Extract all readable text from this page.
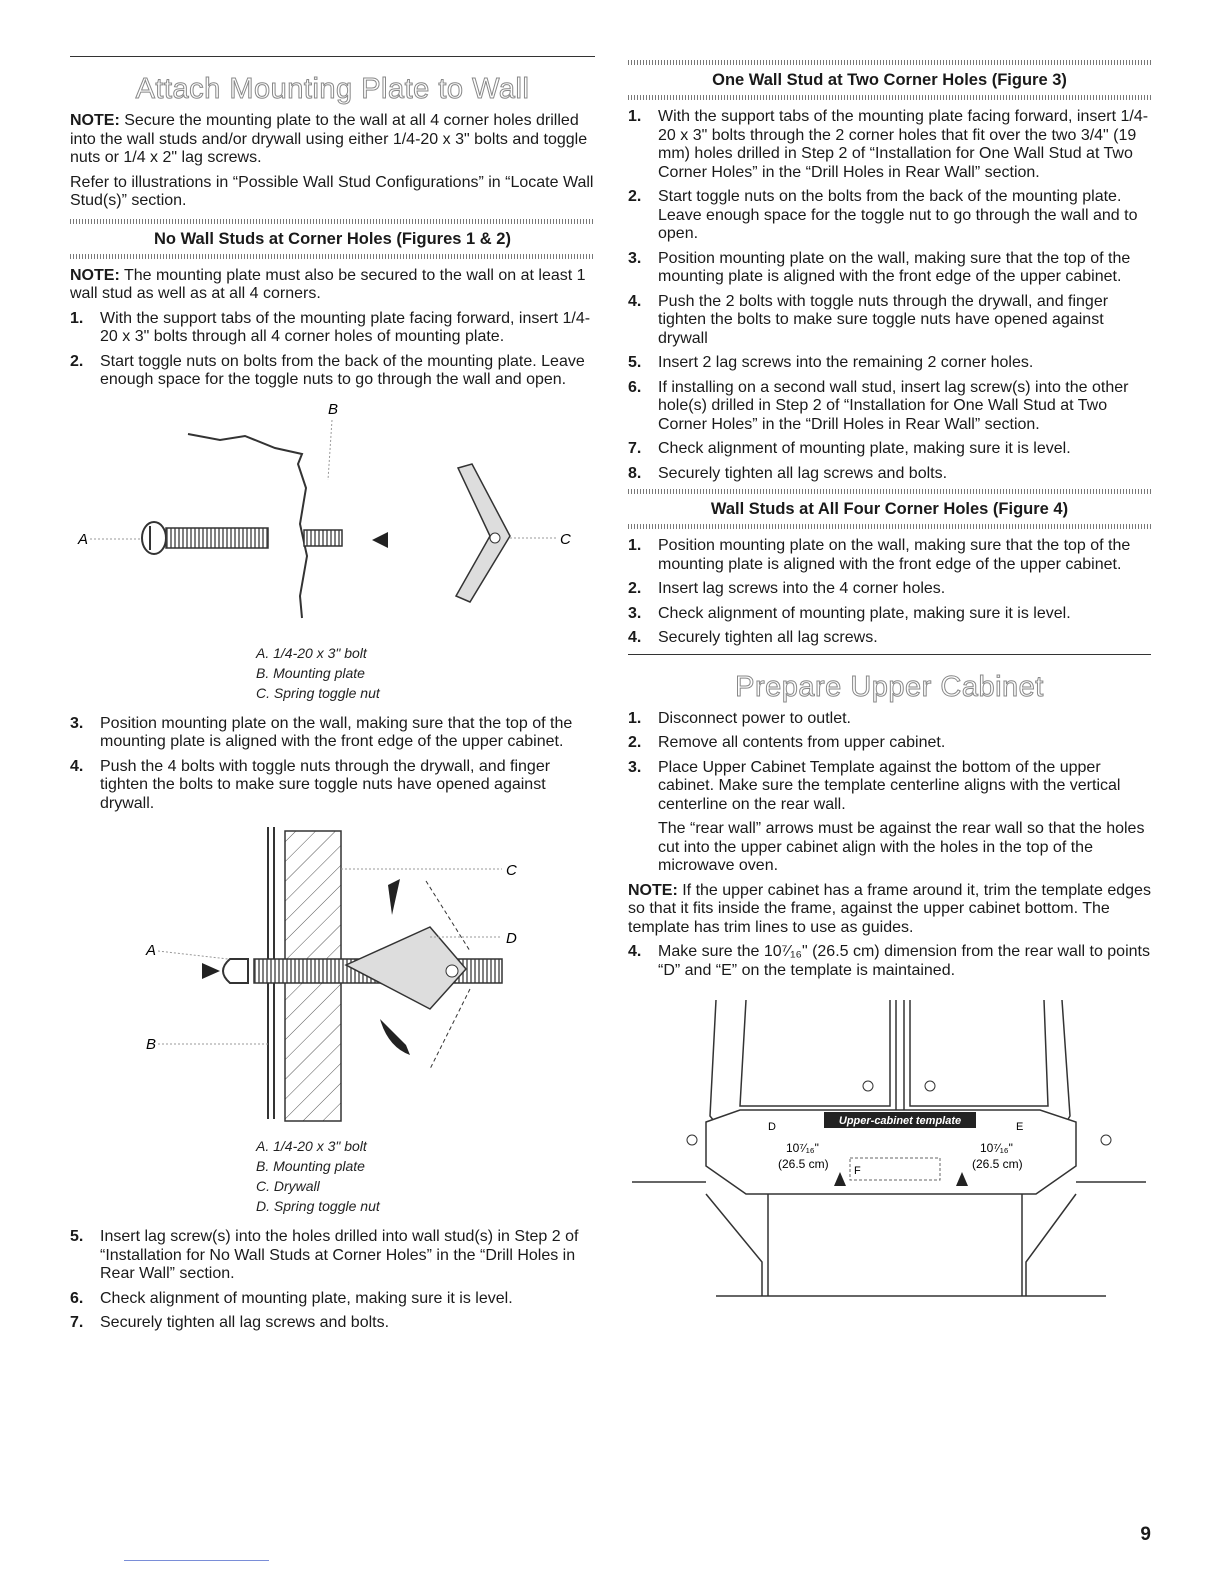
Attach Mounting Plate to Wall

NOTE: Secure the mounting plate to the wall at all 4 corner holes drilled into the wall studs and/or drywall using either 1/4-20 x 3" bolts and toggle nuts or 1/4 x 2" lag screws.

Refer to illustrations in “Possible Wall Stud Configurations” in “Locate Wall Stud(s)” section.

No Wall Studs at Corner Holes (Figures 1 & 2)

NOTE: The mounting plate must also be secured to the wall on at least 1 wall stud as well as at all 4 corners.

1. With the support tabs of the mounting plate facing forward, insert 1/4-20 x 3" bolts through all 4 corner holes of mounting plate.
2. Start toggle nuts on bolts from the back of the mounting plate. Leave enough space for the toggle nuts to go through the wall and open.
B
A	C
A. 1/4-20 x 3" bolt
B. Mounting plate
C. Spring toggle nut
3. Position mounting plate on the wall, making sure that the top of the mounting plate is aligned with the front edge of the upper cabinet.
4. Push the 4 bolts with toggle nuts through the drywall, and finger tighten the bolts to make sure toggle nuts have opened against drywall.
C
A
B
D
A. 1/4-20 x 3" bolt
B. Mounting plate
C. Drywall
D. Spring toggle nut
5. Insert lag screw(s) into the holes drilled into wall stud(s) in Step 2 of “Installation for No Wall Studs at Corner Holes” in the “Drill Holes in Rear Wall” section.
6. Check alignment of mounting plate, making sure it is level.
7. Securely tighten all lag screws and bolts.
One Wall Stud at Two Corner Holes (Figure 3)
1. With the support tabs of the mounting plate facing forward, insert 1/4-20 x 3" bolts through the 2 corner holes that fit over the two 3/4" (19 mm) holes drilled in Step 2 of “Installation for One Wall Stud at Two Corner Holes” in the “Drill Holes in Rear Wall” section.
2. Start toggle nuts on the bolts from the back of the mounting plate. Leave enough space for the toggle nut to go through the wall and to open.
3. Position mounting plate on the wall, making sure that the top of the mounting plate is aligned with the front edge of the upper cabinet.
4. Push the 2 bolts with toggle nuts through the drywall, and finger tighten the bolts to make sure toggle nuts have opened against drywall
5. Insert 2 lag screws into the remaining 2 corner holes.
6. If installing on a second wall stud, insert lag screw(s) into the other hole(s) drilled in Step 2 of “Installation for One Wall Stud at Two Corner Holes” in the “Drill Holes in Rear Wall” section.
7. Check alignment of mounting plate, making sure it is level.
8. Securely tighten all lag screws and bolts.
Wall Studs at All Four Corner Holes (Figure 4)
1. Position mounting plate on the wall, making sure that the top of the mounting plate is aligned with the front edge of the upper cabinet.
2. Insert lag screws into the 4 corner holes.
3. Check alignment of mounting plate, making sure it is level.
4. Securely tighten all lag screws.
Prepare Upper Cabinet
1. Disconnect power to outlet.
2. Remove all contents from upper cabinet.
3. Place Upper Cabinet Template against the bottom of the upper cabinet. Make sure the template centerline aligns with the vertical centerline on the rear wall.

The “rear wall” arrows must be against the rear wall so that the holes cut into the upper cabinet align with the holes in the top of the microwave oven.

NOTE: If the upper cabinet has a frame around it, trim the template edges so that it fits inside the frame, against the upper cabinet bottom. The template has trim lines to use as guides.

4. Make sure the 10⁷⁄₁₆" (26.5 cm) dimension from the rear wall to points “D” and “E” on the template is maintained.
Upper-cabinet template
D	E
10⁷⁄₁₆"
(26.5 cm)
10⁷⁄₁₆"
(26.5 cm)
F
9
